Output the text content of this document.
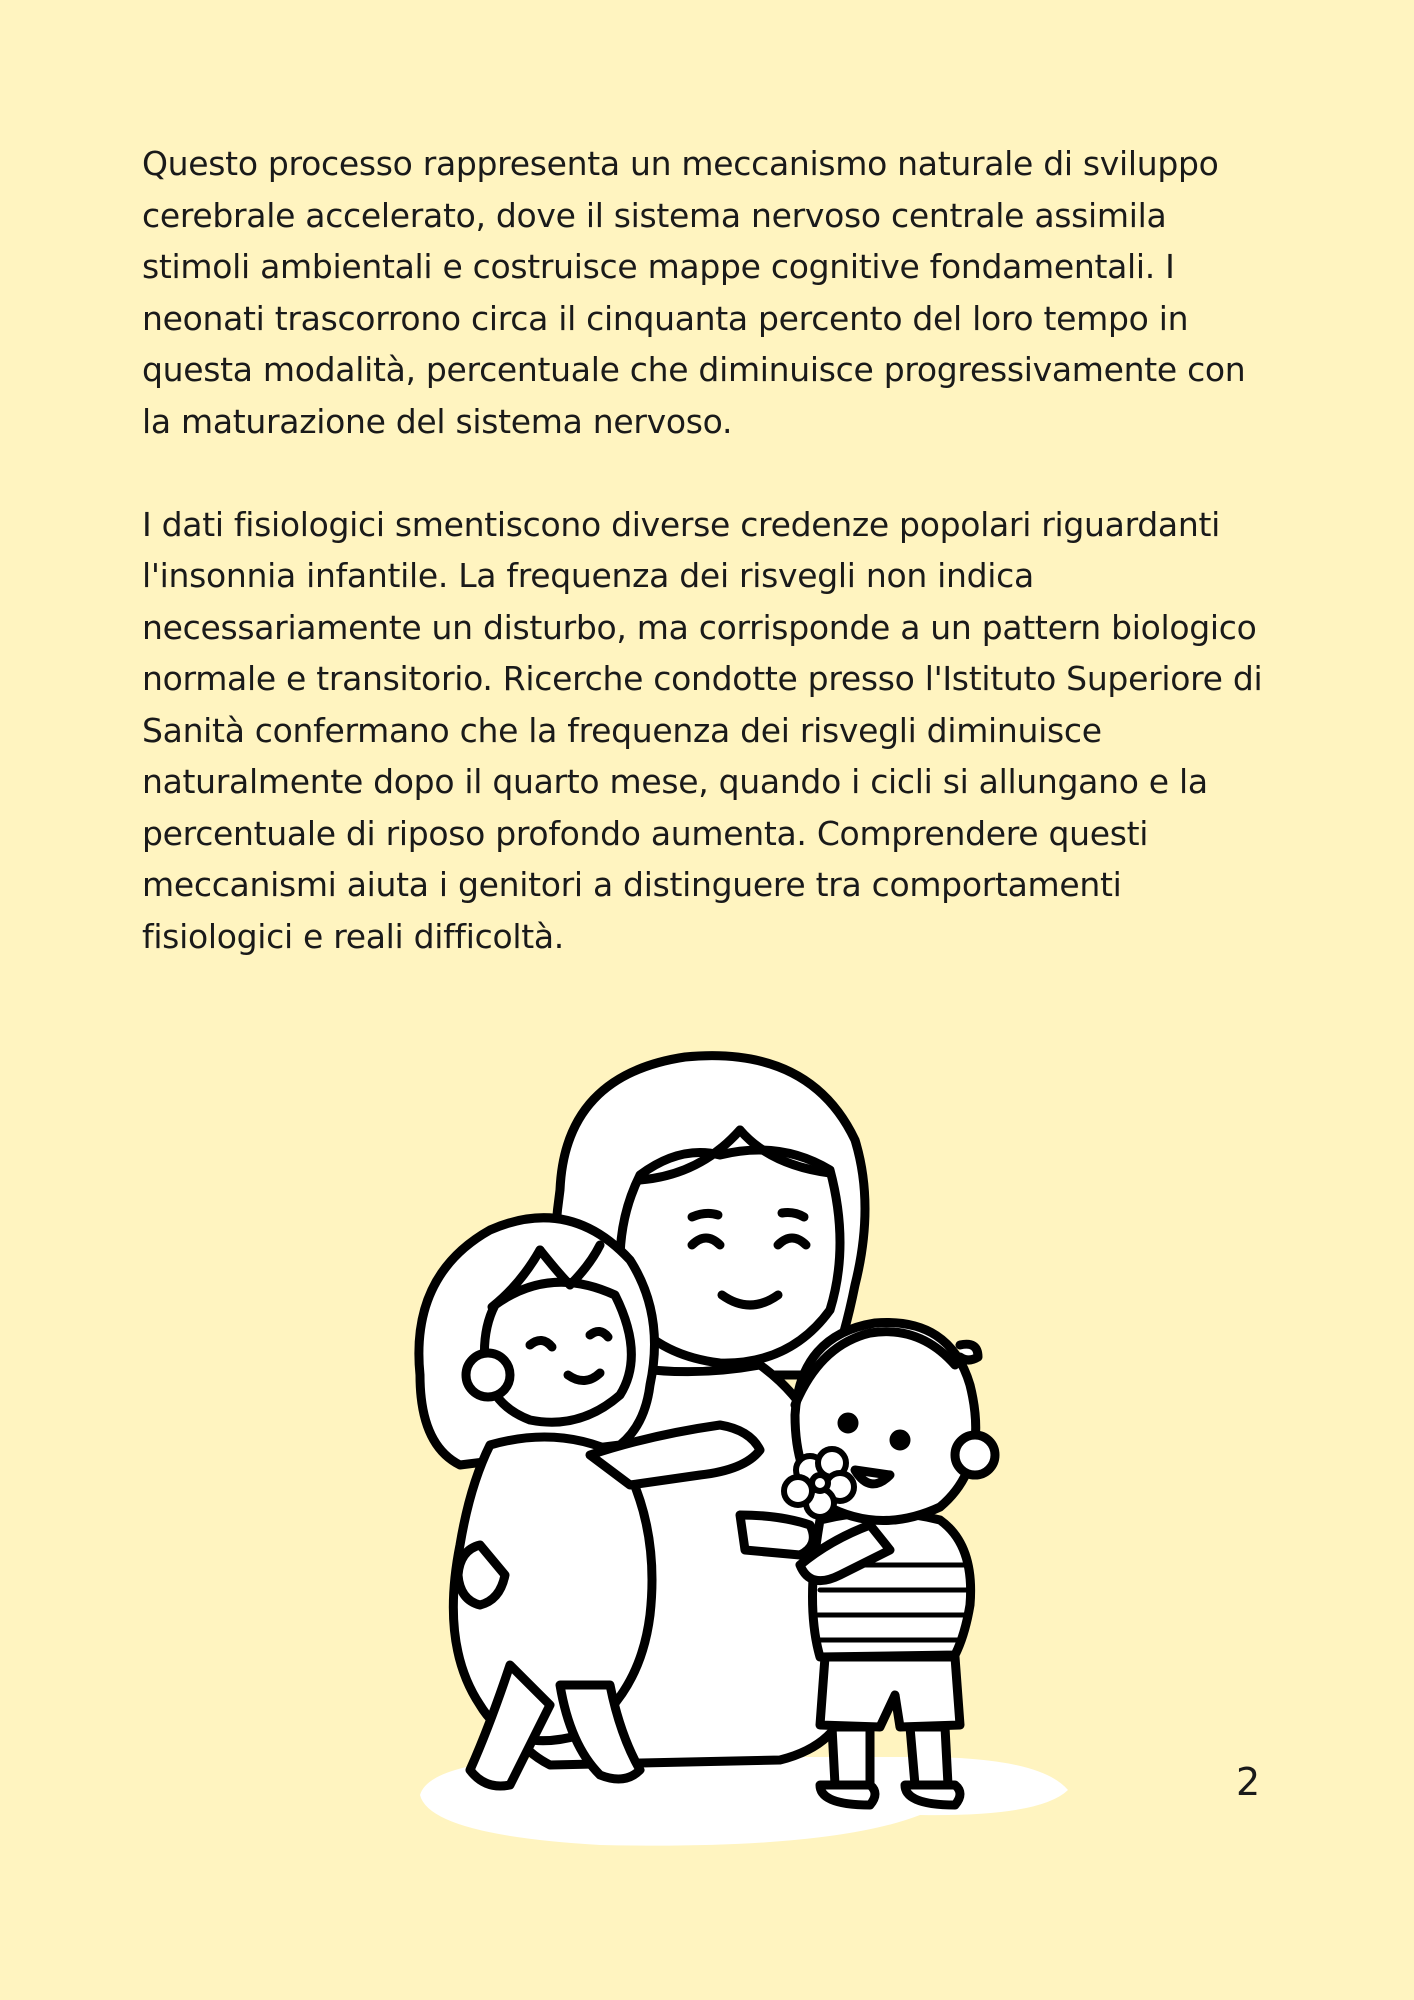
Questo processo rappresenta un meccanismo naturale di sviluppo cerebrale accelerato, dove il sistema nervoso centrale assimila stimoli ambientali e costruisce mappe cognitive fondamentali. I neonati trascorrono circa il cinquanta percento del loro tempo in questa modalità, percentuale che diminuisce progressivamente con la maturazione del sistema nervoso.

I dati fisiologici smentiscono diverse credenze popolari riguardanti l'insonnia infantile. La frequenza dei risvegli non indica necessariamente un disturbo, ma corrisponde a un pattern biologico normale e transitorio. Ricerche condotte presso l'Istituto Superiore di Sanità confermano che la frequenza dei risvegli diminuisce naturalmente dopo il quarto mese, quando i cicli si allungano e la percentuale di riposo profondo aumenta. Comprendere questi meccanismi aiuta i genitori a distinguere tra comportamenti fisiologici e reali difficoltà.

2
